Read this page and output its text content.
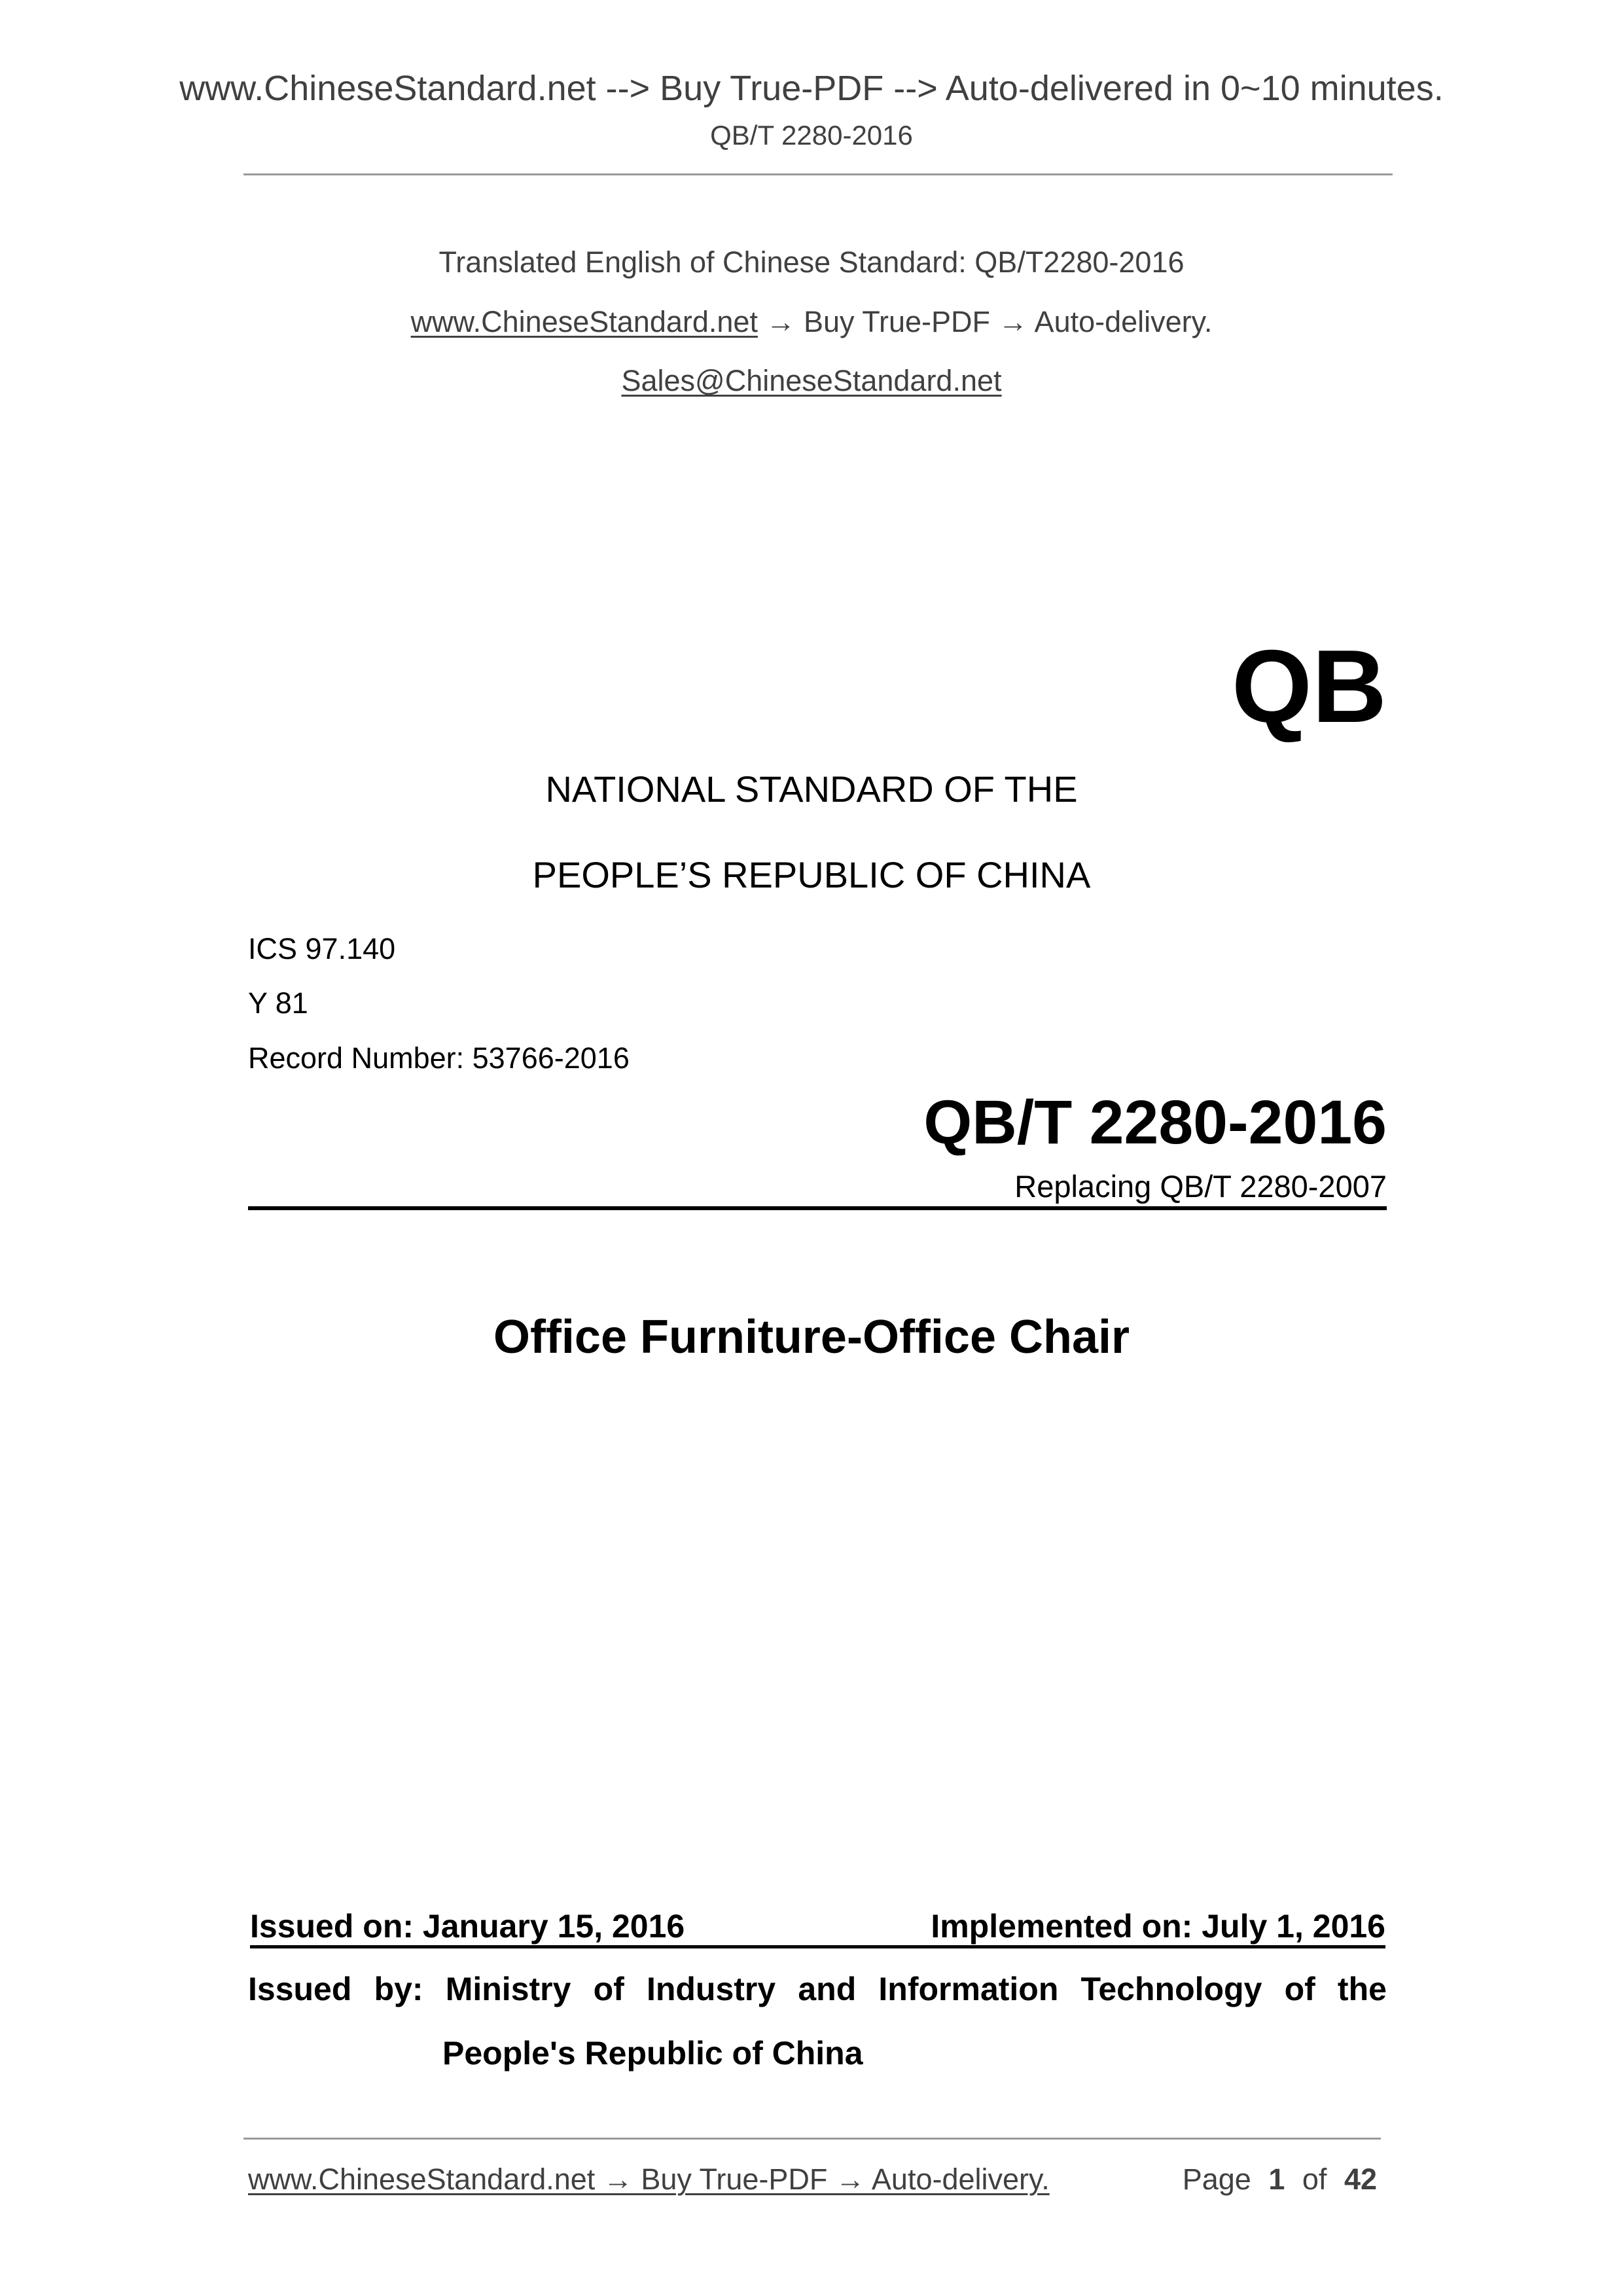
www.ChineseStandard.net --> Buy True-PDF --> Auto-delivered in 0~10 minutes.
QB/T 2280-2016
Translated English of Chinese Standard: QB/T2280-2016
www.ChineseStandard.net → Buy True-PDF → Auto-delivery.
Sales@ChineseStandard.net
QB
NATIONAL STANDARD OF THE
PEOPLE’S REPUBLIC OF CHINA
ICS 97.140
Y 81
Record Number: 53766-2016
QB/T 2280-2016
Replacing QB/T 2280-2007
Office Furniture-Office Chair
Issued on: January 15, 2016	Implemented on: July 1, 2016
Issued by: Ministry of Industry and Information Technology of the
People's Republic of China
www.ChineseStandard.net → Buy True-PDF → Auto-delivery.	Page 1 of 42
